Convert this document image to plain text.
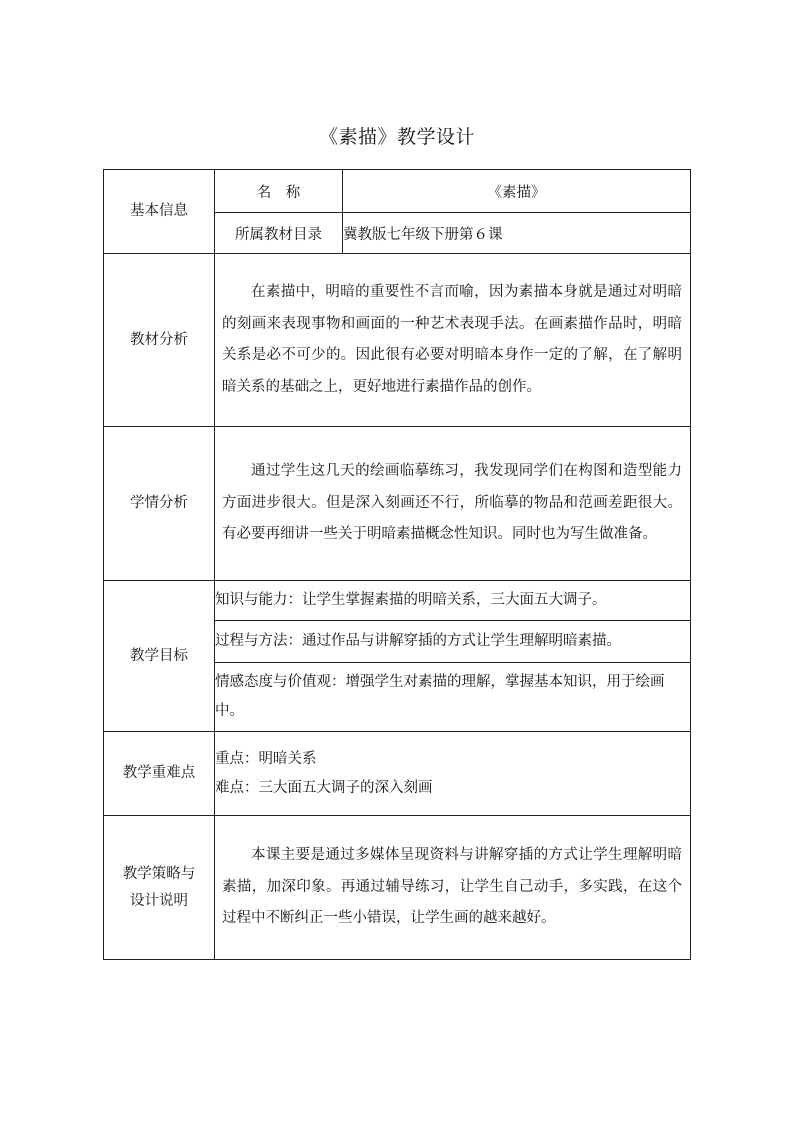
《素描》教学设计
基本信息	名　称	《素描》
	所属教材目录	冀教版七年级下册第６课
教材分析	在素描中，明暗的重要性不言而喻，因为素描本身就是通过对明暗的刻画来表现事物和画面的一种艺术表现手法。在画素描作品时，明暗关系是必不可少的。因此很有必要对明暗本身作一定的了解，在了解明暗关系的基础之上，更好地进行素描作品的创作。	

学情分析	通过学生这几天的绘画临摹练习，我发现同学们在构图和造型能力方面进步很大。但是深入刻画还不行，所临摹的物品和范画差距很大。有必要再细讲一些关于明暗素描概念性知识。同时也为写生做准备。	

教学目标	知识与能力：让学生掌握素描的明暗关系，三大面五大调子。	
	过程与方法：通过作品与讲解穿插的方式让学生理解明暗素描。	
	情感态度与价值观：增强学生对素描的理解，掌握基本知识，用于绘画中。	
教学重难点	重点：明暗关系
难点：三大面五大调子的深入刻画	

教学策略与
设计说明	本课主要是通过多媒体呈现资料与讲解穿插的方式让学生理解明暗素描，加深印象。再通过辅导练习，让学生自己动手，多实践，在这个过程中不断纠正一些小错误，让学生画的越来越好。	
